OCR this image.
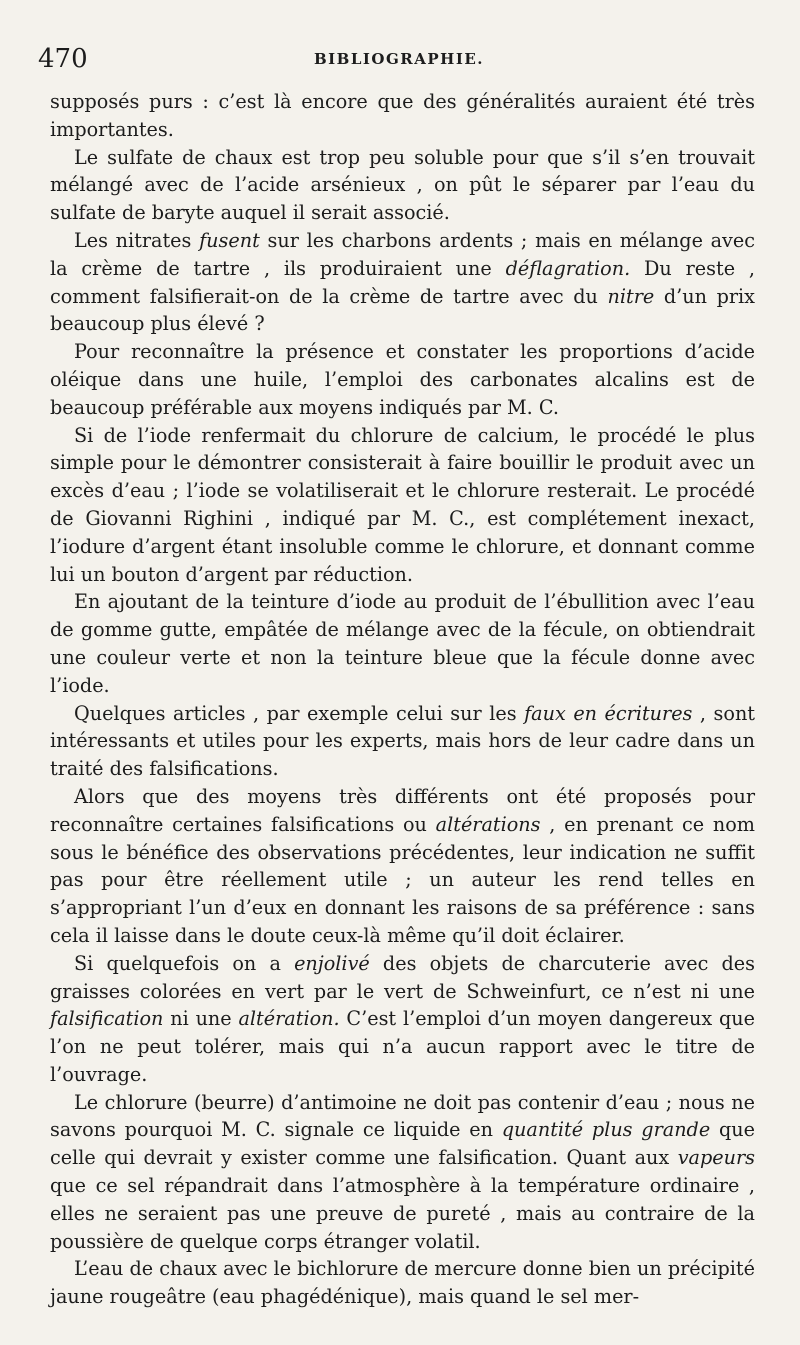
470	BIBLIOGRAPHIE.

supposés purs : c’est là encore que des généralités auraient été très importantes.

Le sulfate de chaux est trop peu soluble pour que s’il s’en trouvait mélangé avec de l’acide arsénieux , on pût le séparer par l’eau du sulfate de baryte auquel il serait associé.

Les nitrates fusent sur les charbons ardents ; mais en mélange avec la crème de tartre , ils produiraient une déflagration. Du reste , comment falsifierait-on de la crème de tartre avec du nitre d’un prix beaucoup plus élevé ?

Pour reconnaître la présence et constater les proportions d’acide oléique dans une huile, l’emploi des carbonates alcalins est de beaucoup préférable aux moyens indiqués par M. C.

Si de l’iode renfermait du chlorure de calcium, le procédé le plus simple pour le démontrer consisterait à faire bouillir le produit avec un excès d’eau ; l’iode se volatiliserait et le chlorure resterait. Le procédé de Giovanni Righini , indiqué par M. C., est complétement inexact, l’iodure d’argent étant insoluble comme le chlorure, et donnant comme lui un bouton d’argent par réduction.

En ajoutant de la teinture d’iode au produit de l’ébullition avec l’eau de gomme gutte, empâtée de mélange avec de la fécule, on obtiendrait une couleur verte et non la teinture bleue que la fécule donne avec l’iode.

Quelques articles , par exemple celui sur les faux en écritures , sont intéressants et utiles pour les experts, mais hors de leur cadre dans un traité des falsifications.

Alors que des moyens très différents ont été proposés pour reconnaître certaines falsifications ou altérations , en prenant ce nom sous le bénéfice des observations précédentes, leur indication ne suffit pas pour être réellement utile ; un auteur les rend telles en s’appropriant l’un d’eux en donnant les raisons de sa préférence : sans cela il laisse dans le doute ceux-là même qu’il doit éclairer.

Si quelquefois on a enjolivé des objets de charcuterie avec des graisses colorées en vert par le vert de Schweinfurt, ce n’est ni une falsification ni une altération. C’est l’emploi d’un moyen dangereux que l’on ne peut tolérer, mais qui n’a aucun rapport avec le titre de l’ouvrage.

Le chlorure (beurre) d’antimoine ne doit pas contenir d’eau ; nous ne savons pourquoi M. C. signale ce liquide en quantité plus grande que celle qui devrait y exister comme une falsification. Quant aux vapeurs que ce sel répandrait dans l’atmosphère à la température ordinaire , elles ne seraient pas une preuve de pureté , mais au contraire de la poussière de quelque corps étranger volatil.

L’eau de chaux avec le bichlorure de mercure donne bien un précipité jaune rougeâtre (eau phagédénique), mais quand le sel mer-
